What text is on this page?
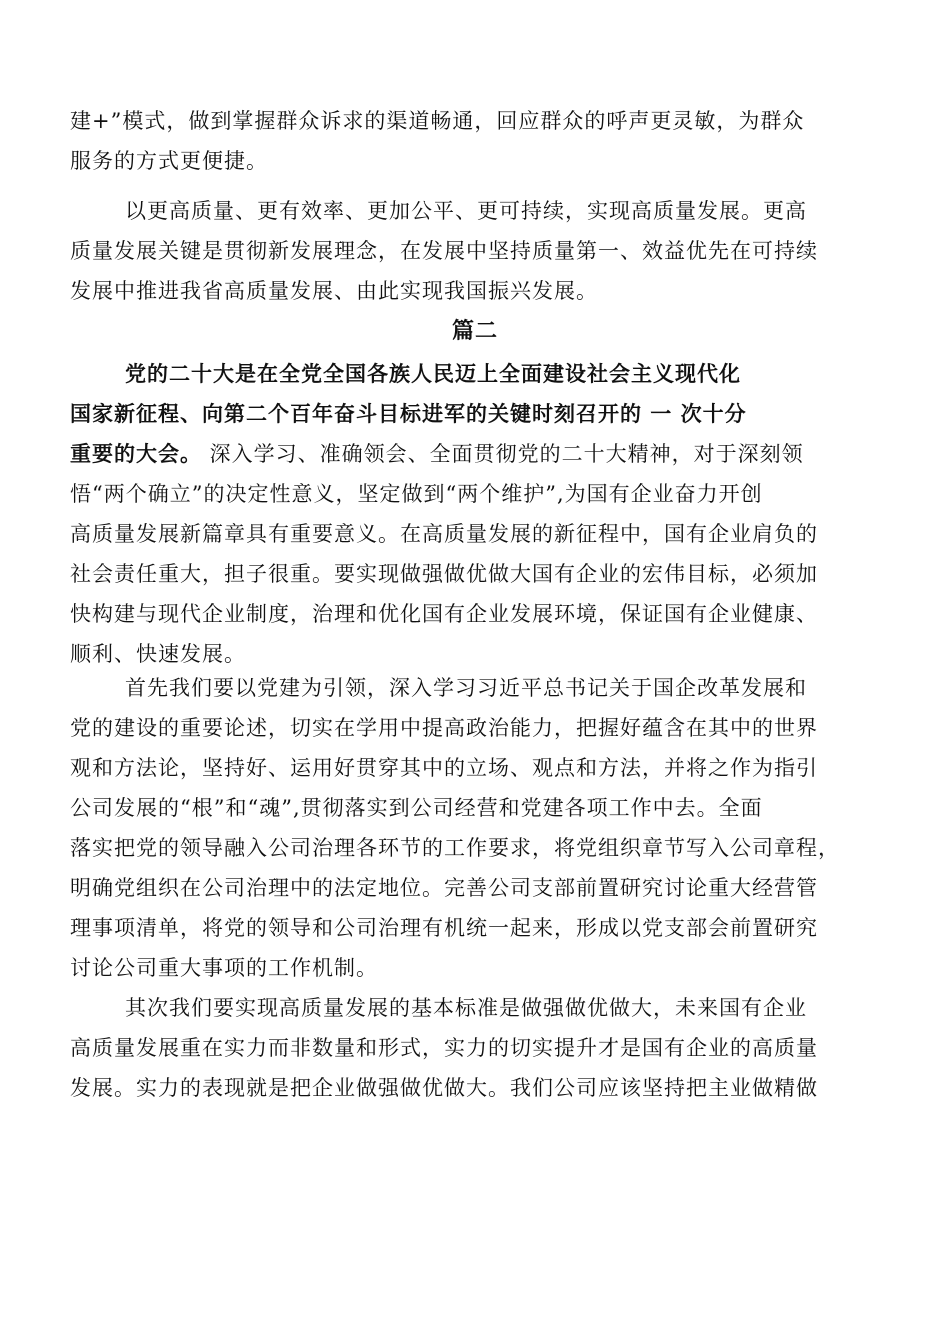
建+”模式，做到掌握群众诉求的渠道畅通，回应群众的呼声更灵敏，为群众
服务的方式更便捷。

以更高质量、更有效率、更加公平、更可持续，实现高质量发展。更高
质量发展关键是贯彻新发展理念，在发展中坚持质量第一、效益优先在可持续
发展中推进我省高质量发展、由此实现我国振兴发展。

篇二

党的二十大是在全党全国各族人民迈上全面建设社会主义现代化
国家新征程、向第二个百年奋斗目标进军的关键时刻召开的 一 次十分
重要的大会。 深入学习、准确领会、全面贯彻党的二十大精神，对于深刻领
悟“两个确立”的决定性意义，坚定做到“两个维护”,为国有企业奋力开创
高质量发展新篇章具有重要意义。在高质量发展的新征程中，国有企业肩负的
社会责任重大，担子很重。要实现做强做优做大国有企业的宏伟目标，必须加
快构建与现代企业制度，治理和优化国有企业发展环境，保证国有企业健康、
顺利、快速发展。

首先我们要以党建为引领，深入学习习近平总书记关于国企改革发展和
党的建设的重要论述，切实在学用中提高政治能力，把握好蕴含在其中的世界
观和方法论，坚持好、运用好贯穿其中的立场、观点和方法，并将之作为指引
公司发展的“根”和“魂”,贯彻落实到公司经营和党建各项工作中去。全面
落实把党的领导融入公司治理各环节的工作要求，将党组织章节写入公司章程，
明确党组织在公司治理中的法定地位。完善公司支部前置研究讨论重大经营管
理事项清单，将党的领导和公司治理有机统一起来，形成以党支部会前置研究
讨论公司重大事项的工作机制。

其次我们要实现高质量发展的基本标准是做强做优做大，未来国有企业
高质量发展重在实力而非数量和形式，实力的切实提升才是国有企业的高质量
发展。实力的表现就是把企业做强做优做大。我们公司应该坚持把主业做精做
